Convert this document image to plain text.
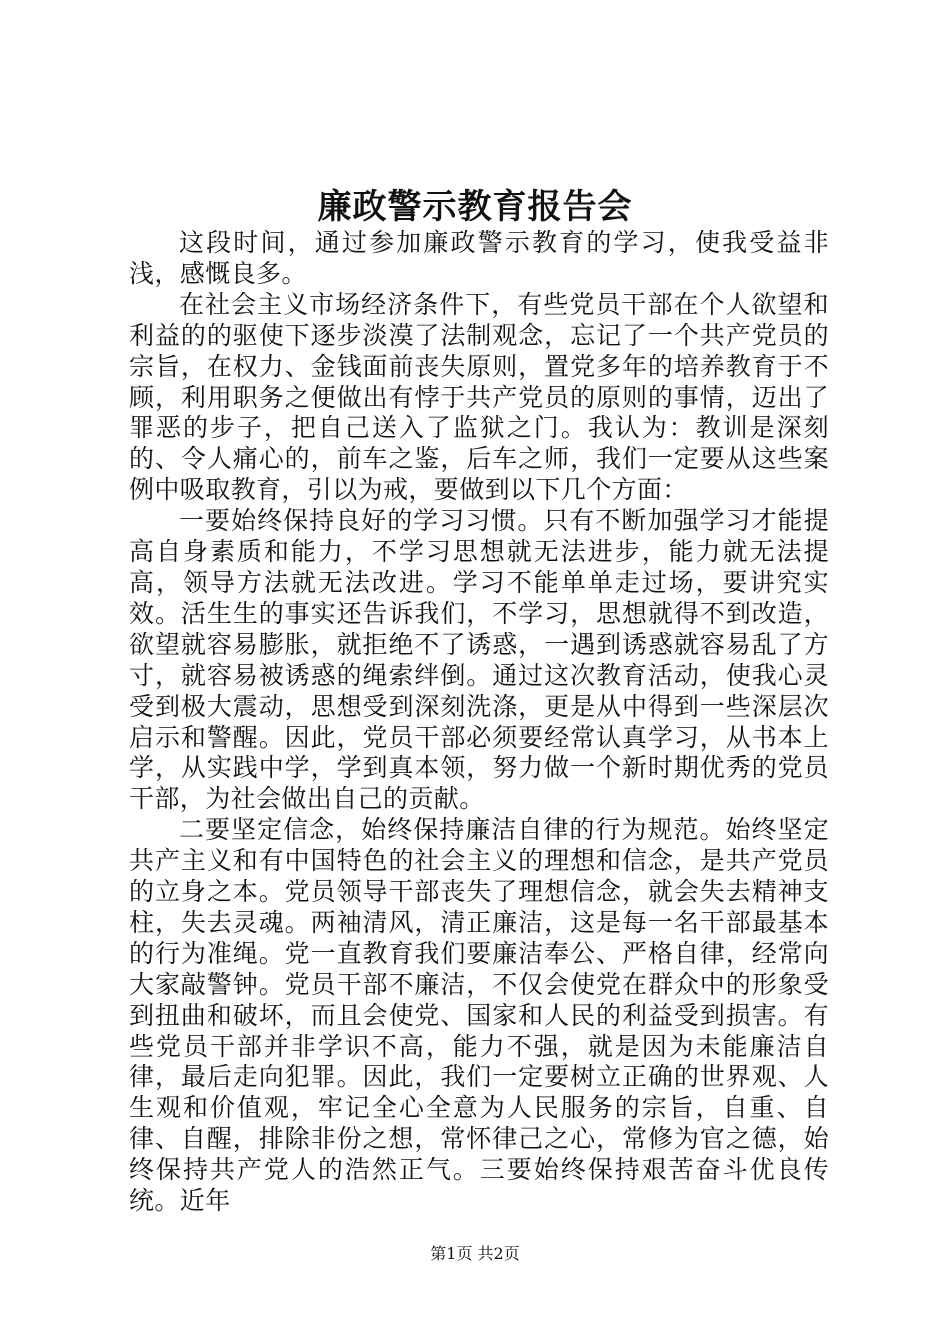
廉政警示教育报告会

这段时间，通过参加廉政警示教育的学习，使我受益非浅，感慨良多。

在社会主义市场经济条件下，有些党员干部在个人欲望和利益的的驱使下逐步淡漠了法制观念，忘记了一个共产党员的宗旨，在权力、金钱面前丧失原则，置党多年的培养教育于不顾，利用职务之便做出有悖于共产党员的原则的事情，迈出了罪恶的步子，把自己送入了监狱之门。我认为：教训是深刻的、令人痛心的，前车之鉴，后车之师，我们一定要从这些案例中吸取教育，引以为戒，要做到以下几个方面：

一要始终保持良好的学习习惯。只有不断加强学习才能提高自身素质和能力，不学习思想就无法进步，能力就无法提高，领导方法就无法改进。学习不能单单走过场，要讲究实效。活生生的事实还告诉我们，不学习，思想就得不到改造，欲望就容易膨胀，就拒绝不了诱惑，一遇到诱惑就容易乱了方寸，就容易被诱惑的绳索绊倒。通过这次教育活动，使我心灵受到极大震动，思想受到深刻洗涤，更是从中得到一些深层次启示和警醒。因此，党员干部必须要经常认真学习，从书本上学，从实践中学，学到真本领，努力做一个新时期优秀的党员干部，为社会做出自己的贡献。

二要坚定信念，始终保持廉洁自律的行为规范。始终坚定共产主义和有中国特色的社会主义的理想和信念，是共产党员的立身之本。党员领导干部丧失了理想信念，就会失去精神支柱，失去灵魂。两袖清风，清正廉洁，这是每一名干部最基本的行为准绳。党一直教育我们要廉洁奉公、严格自律，经常向大家敲警钟。党员干部不廉洁，不仅会使党在群众中的形象受到扭曲和破坏，而且会使党、国家和人民的利益受到损害。有些党员干部并非学识不高，能力不强，就是因为未能廉洁自律，最后走向犯罪。因此，我们一定要树立正确的世界观、人生观和价值观，牢记全心全意为人民服务的宗旨，自重、自律、自醒，排除非份之想，常怀律己之心，常修为官之德，始终保持共产党人的浩然正气。三要始终保持艰苦奋斗优良传统。近年

第1页 共2页
